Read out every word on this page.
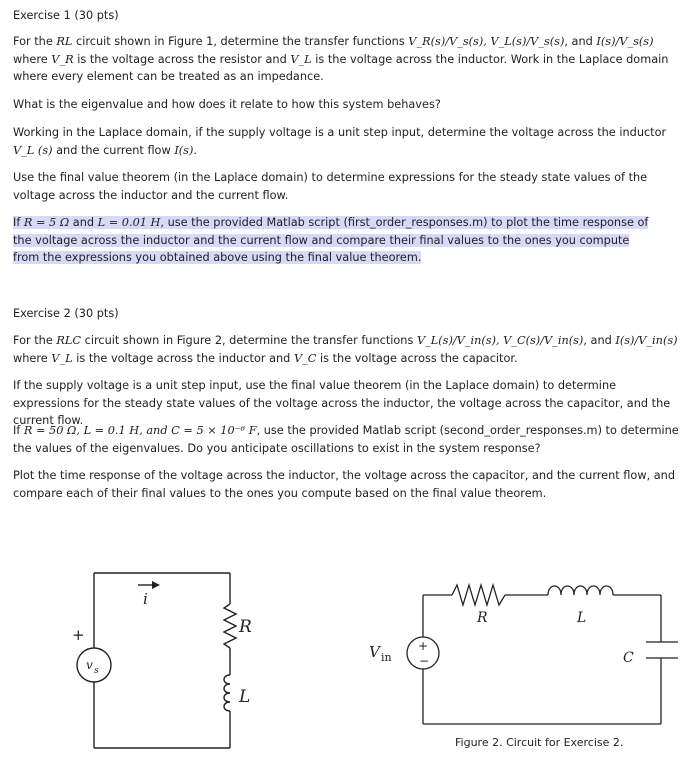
Exercise 1 (30 pts)

For the RL circuit shown in Figure 1, determine the transfer functions V_R(s)/V_s(s), V_L(s)/V_s(s), and I(s)/V_s(s) where V_R is the voltage across the resistor and V_L is the voltage across the inductor. Work in the Laplace domain where every element can be treated as an impedance.

What is the eigenvalue and how does it relate to how this system behaves?

Working in the Laplace domain, if the supply voltage is a unit step input, determine the voltage across the inductor V_L (s) and the current flow I(s).

Use the final value theorem (in the Laplace domain) to determine expressions for the steady state values of the voltage across the inductor and the current flow.

If R = 5 Ω and L = 0.01 H, use the provided Matlab script (first_order_responses.m) to plot the time response of the voltage across the inductor and the current flow and compare their final values to the ones you compute from the expressions you obtained above using the final value theorem.

Exercise 2 (30 pts)

For the RLC circuit shown in Figure 2, determine the transfer functions V_L(s)/V_in(s), V_C(s)/V_in(s), and I(s)/V_in(s)
where V_L is the voltage across the inductor and V_C is the voltage across the capacitor.

If the supply voltage is a unit step input, use the final value theorem (in the Laplace domain) to determine expressions for the steady state values of the voltage across the inductor, the voltage across the capacitor, and the current flow.

If R = 50 Ω, L = 0.1 H, and C = 5 × 10⁻⁶ F, use the provided Matlab script (second_order_responses.m) to determine the values of the eigenvalues. Do you anticipate oscillations to exist in the system response?

Plot the time response of the voltage across the inductor, the voltage across the capacitor, and the current flow, and compare each of their final values to the ones you compute based on the final value theorem.

i
R
L
+
v s
R	L
C
V in
+
−
Figure 2. Circuit for Exercise 2.
